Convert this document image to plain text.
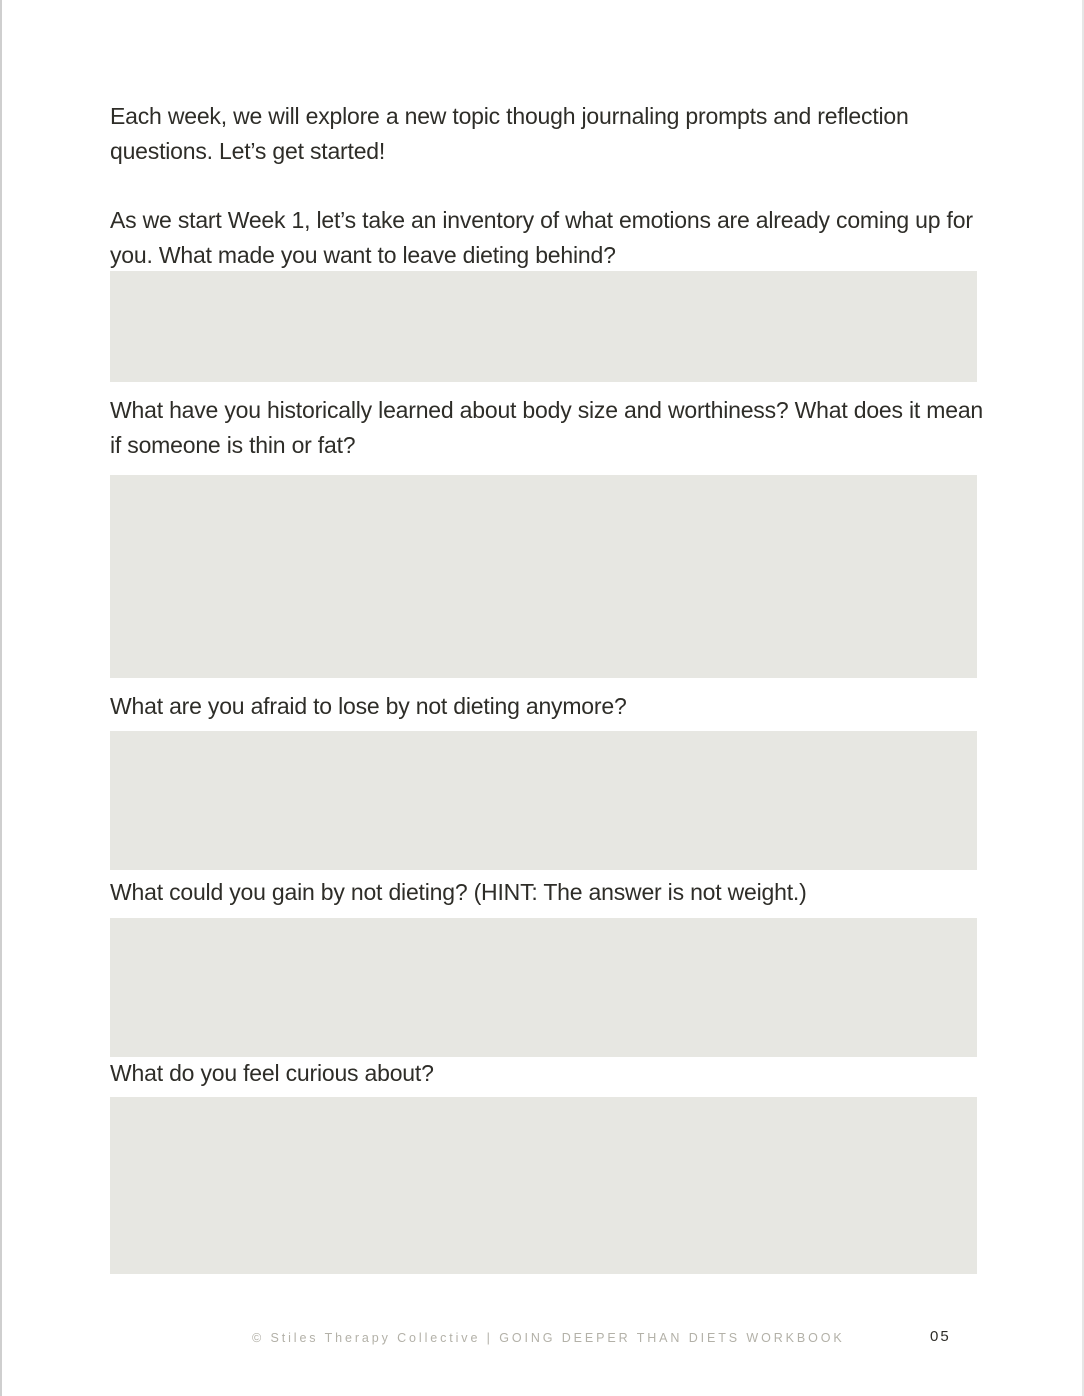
Each week, we will explore a new topic though journaling prompts and reflection questions. Let’s get started!

As we start Week 1, let’s take an inventory of what emotions are already coming up for you. What made you want to leave dieting behind?

What have you historically learned about body size and worthiness? What does it mean if someone is thin or fat?

What are you afraid to lose by not dieting anymore?

What could you gain by not dieting? (HINT: The answer is not weight.)

What do you feel curious about?

© Stiles Therapy Collective | GOING DEEPER THAN DIETS WORKBOOK	05
